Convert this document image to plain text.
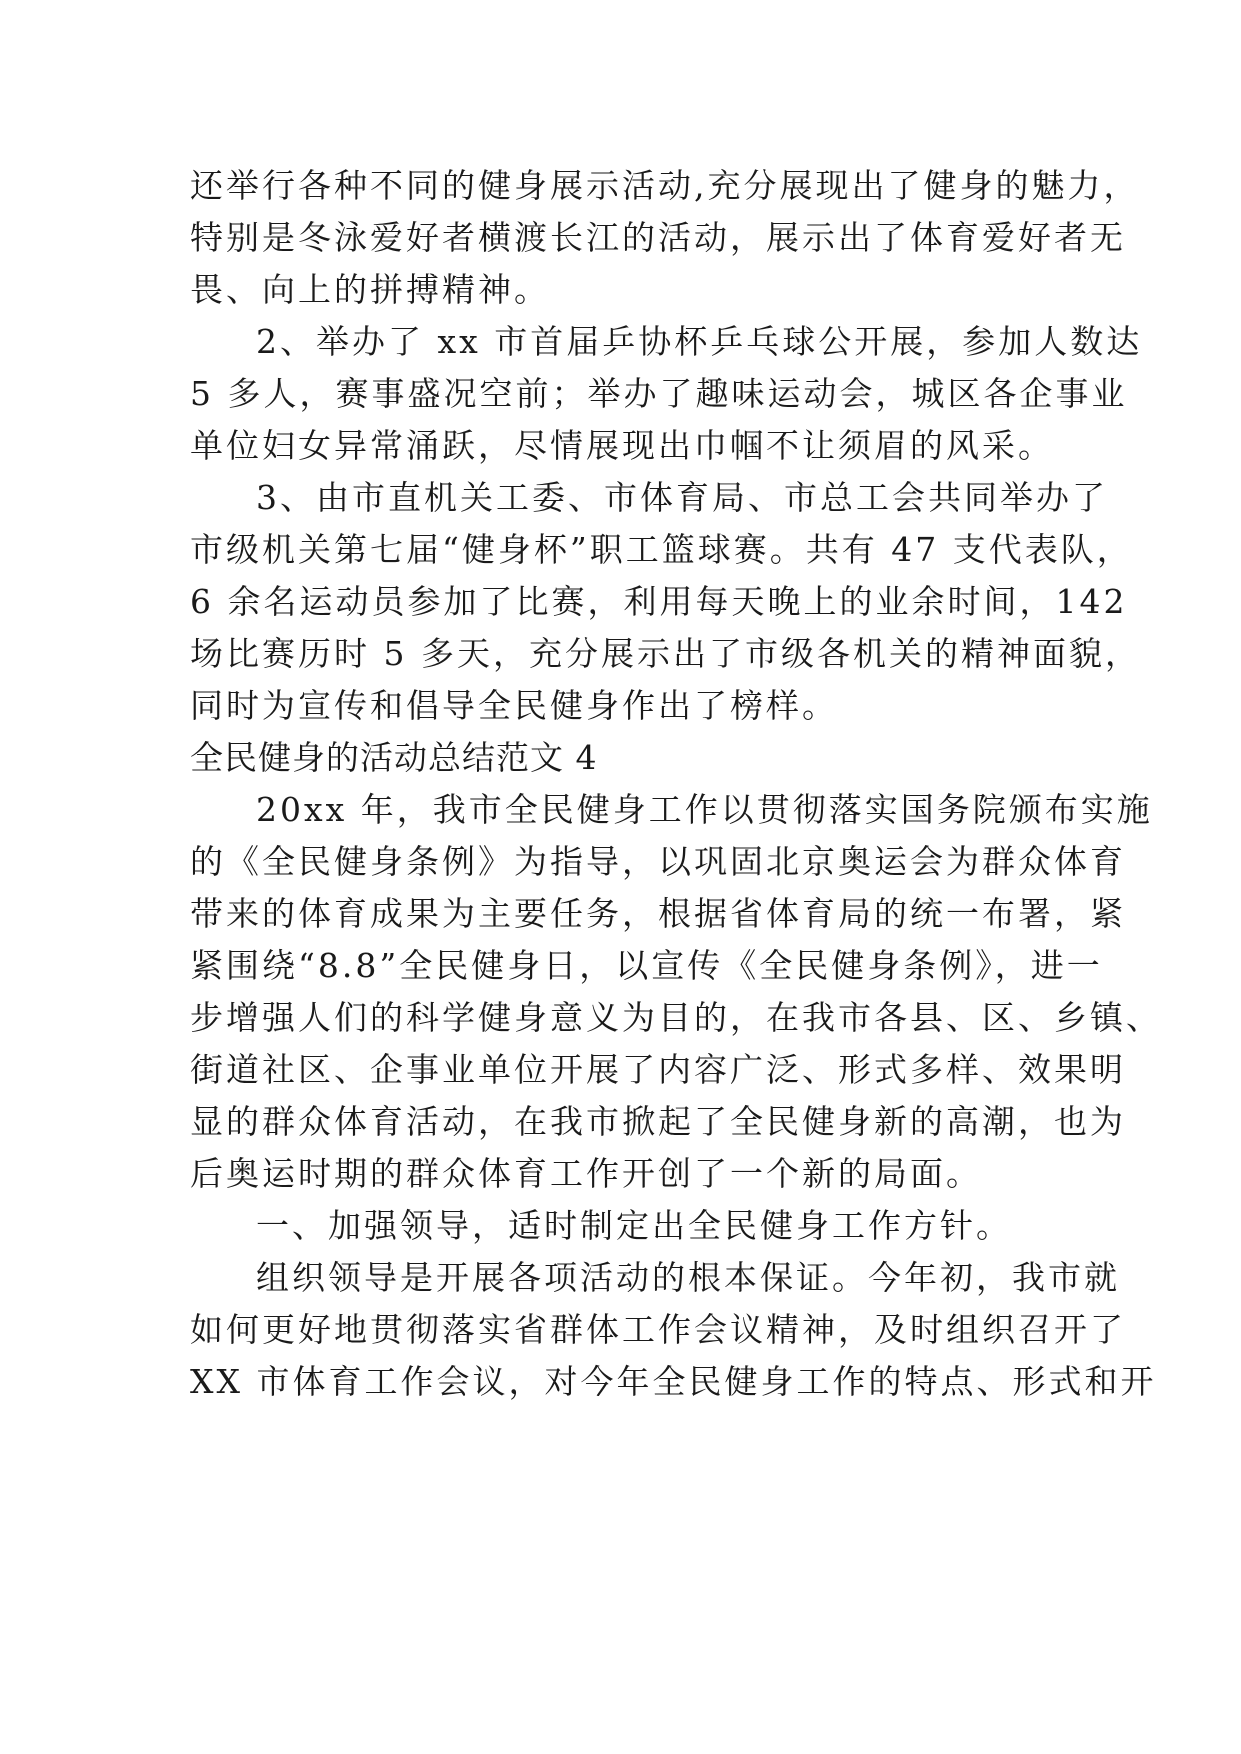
还举行各种不同的健身展示活动,充分展现出了健身的魅力，
特别是冬泳爱好者横渡长江的活动，展示出了体育爱好者无
畏、向上的拼搏精神。
2、举办了 xx 市首届乒协杯乒乓球公开展，参加人数达
5 多人，赛事盛况空前；举办了趣味运动会，城区各企事业
单位妇女异常涌跃，尽情展现出巾帼不让须眉的风采。
3、由市直机关工委、市体育局、市总工会共同举办了
市级机关第七届“健身杯”职工篮球赛。共有 47 支代表队，
6 余名运动员参加了比赛，利用每天晚上的业余时间，142
场比赛历时 5 多天，充分展示出了市级各机关的精神面貌，
同时为宣传和倡导全民健身作出了榜样。
全民健身的活动总结范文 4
20xx 年，我市全民健身工作以贯彻落实国务院颁布实施
的《全民健身条例》为指导，以巩固北京奥运会为群众体育
带来的体育成果为主要任务，根据省体育局的统一布署，紧
紧围绕“8.8”全民健身日，以宣传《全民健身条例》，进一
步增强人们的科学健身意义为目的，在我市各县、区、乡镇、
街道社区、企事业单位开展了内容广泛、形式多样、效果明
显的群众体育活动，在我市掀起了全民健身新的高潮，也为
后奥运时期的群众体育工作开创了一个新的局面。
一、加强领导，适时制定出全民健身工作方针。
组织领导是开展各项活动的根本保证。今年初，我市就
如何更好地贯彻落实省群体工作会议精神，及时组织召开了
XX 市体育工作会议，对今年全民健身工作的特点、形式和开
